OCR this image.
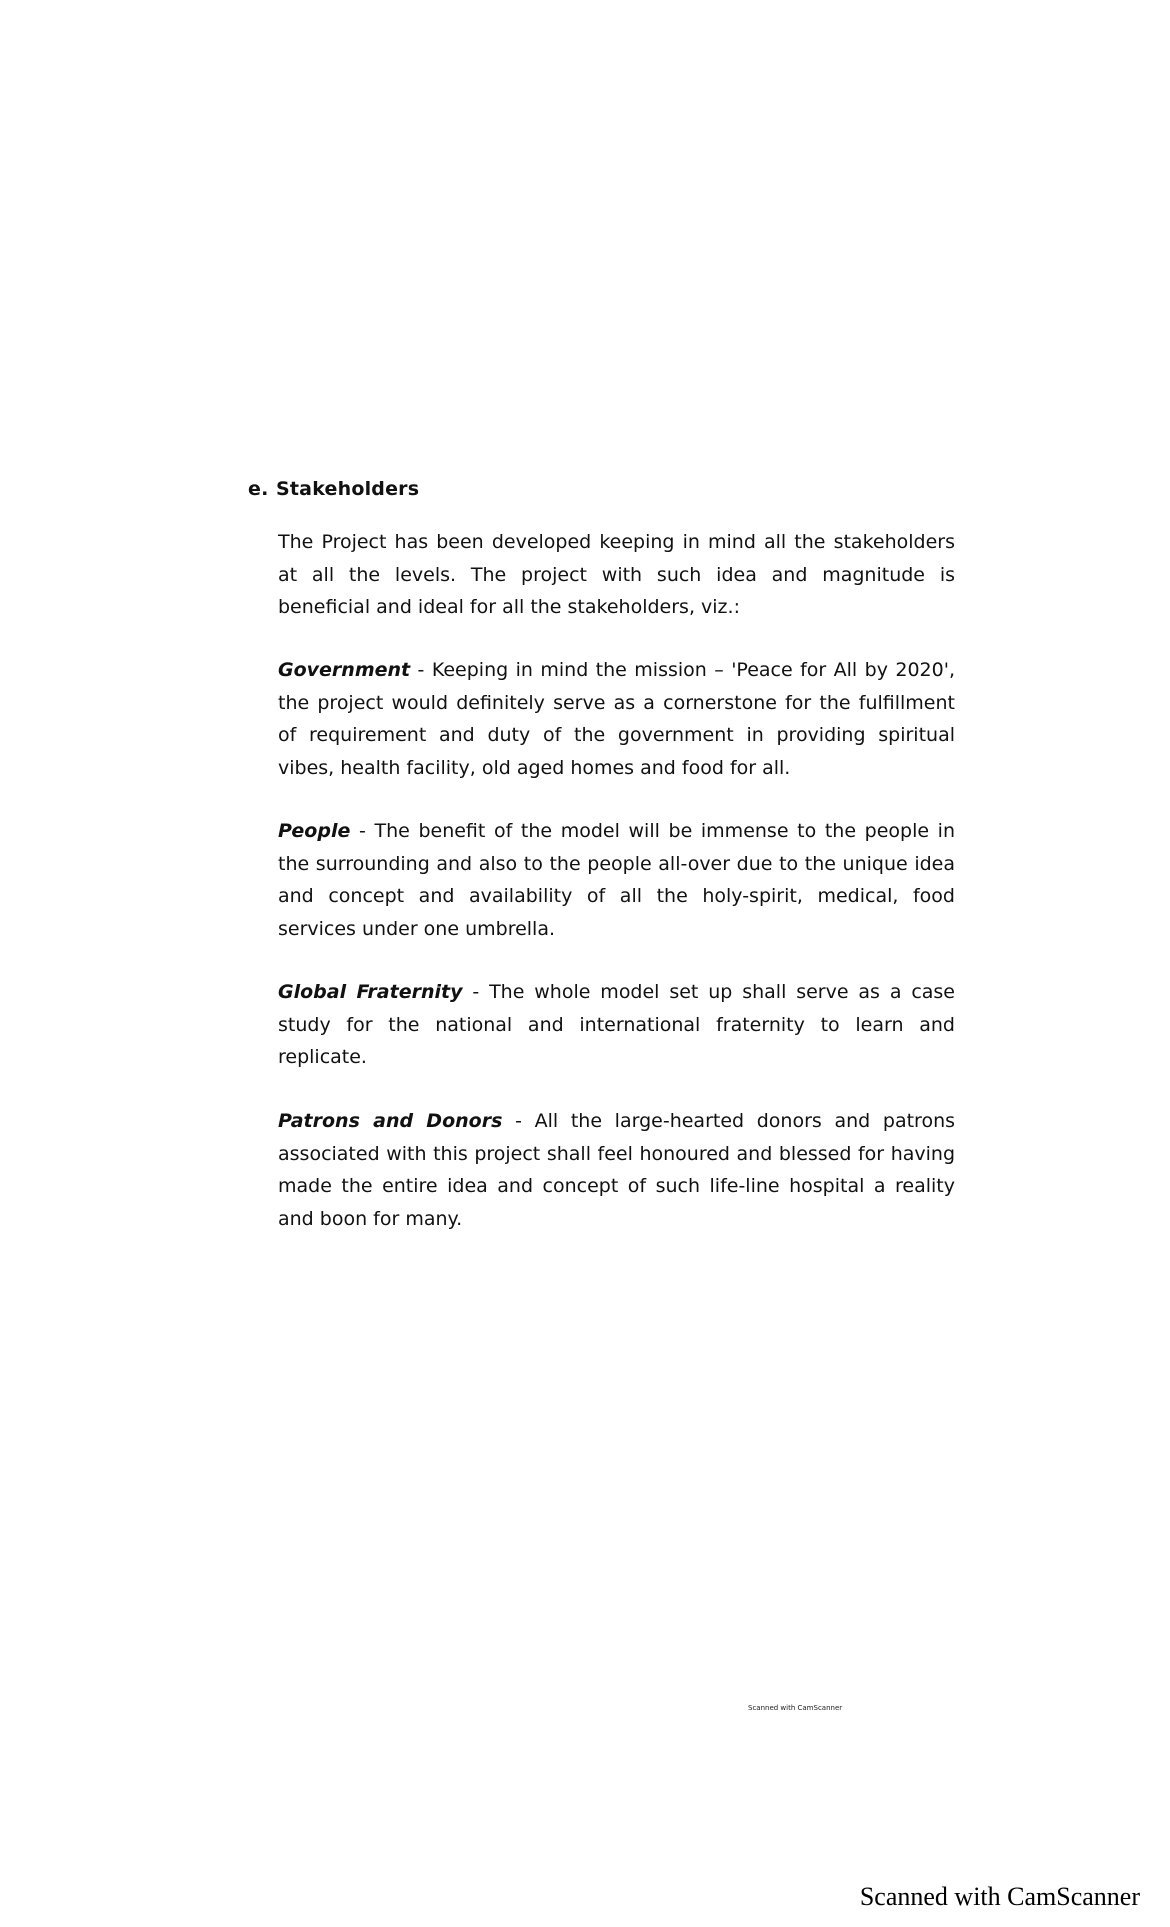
e. Stakeholders

The Project has been developed keeping in mind all the stakeholders at all the levels. The project with such idea and magnitude is beneficial and ideal for all the stakeholders, viz.:

Government - Keeping in mind the mission – 'Peace for All by 2020', the project would definitely serve as a cornerstone for the fulfillment of requirement and duty of the government in providing spiritual vibes, health facility, old aged homes and food for all.

People - The benefit of the model will be immense to the people in the surrounding and also to the people all-over due to the unique idea and concept and availability of all the holy-spirit, medical, food services under one umbrella.

Global Fraternity - The whole model set up shall serve as a case study for the national and international fraternity to learn and replicate.

Patrons and Donors - All the large-hearted donors and patrons associated with this project shall feel honoured and blessed for having made the entire idea and concept of such life-line hospital a reality and boon for many.

Scanned with CamScanner
Scanned with CamScanner
